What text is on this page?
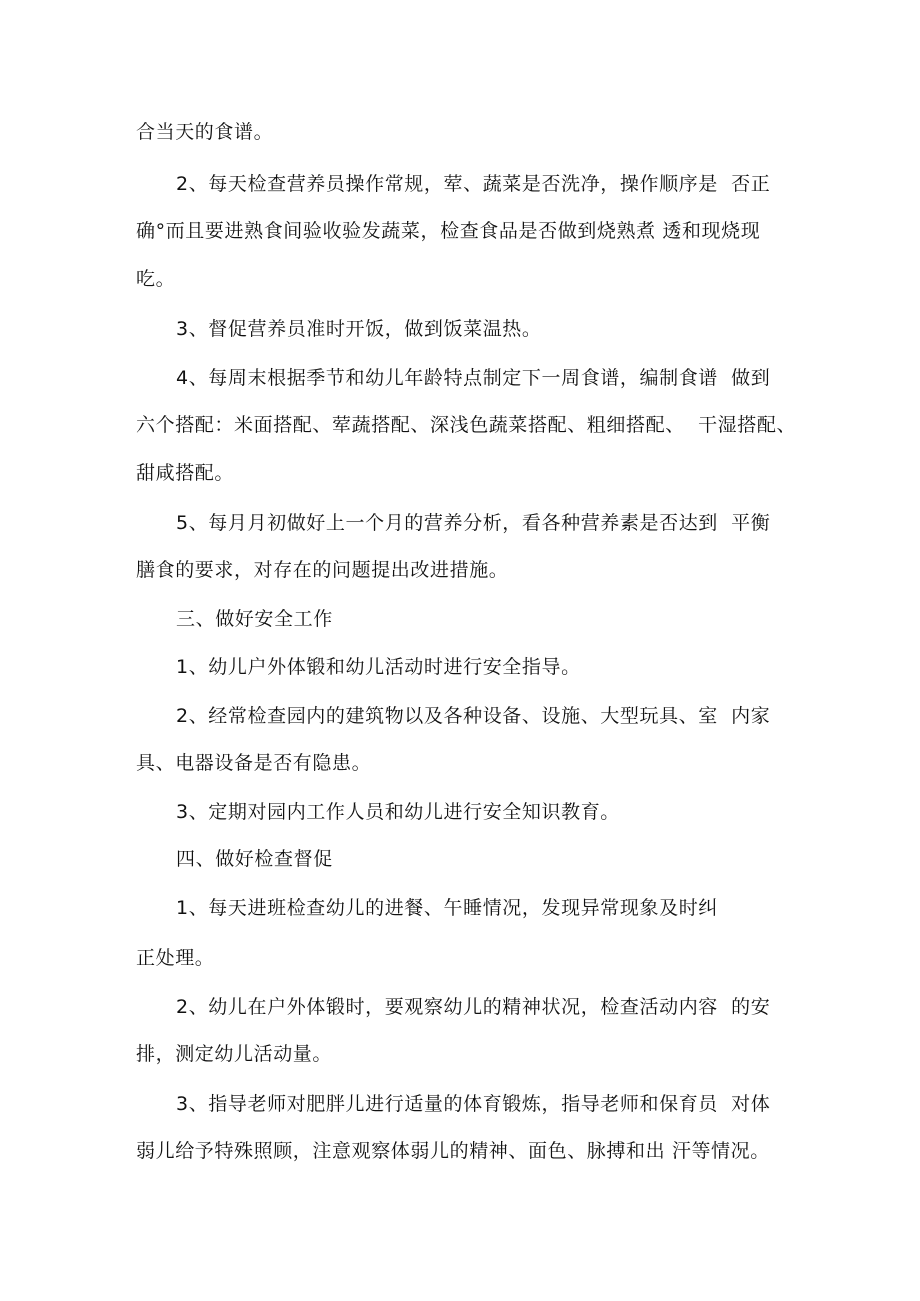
合当天的食谱。
2、每天检查营养员操作常规，荤、蔬菜是否洗净，操作顺序是  否正
确°而且要进熟食间验收验发蔬菜，检查食品是否做到烧熟煮 透和现烧现
吃。
3、督促营养员准时开饭，做到饭菜温热。
4、每周末根据季节和幼儿年龄特点制定下一周食谱，编制食谱  做到
六个搭配：米面搭配、荤蔬搭配、深浅色蔬菜搭配、粗细搭配、  干湿搭配、
甜咸搭配。
5、每月月初做好上一个月的营养分析，看各种营养素是否达到  平衡
膳食的要求，对存在的问题提出改进措施。
三、做好安全工作
1、幼儿户外体锻和幼儿活动时进行安全指导。
2、经常检查园内的建筑物以及各种设备、设施、大型玩具、室  内家
具、电器设备是否有隐患。
3、定期对园内工作人员和幼儿进行安全知识教育。
四、做好检查督促
1、每天进班检查幼儿的进餐、午睡情况，发现异常现象及时纠
正处理。
2、幼儿在户外体锻时，要观察幼儿的精神状况，检查活动内容  的安
排，测定幼儿活动量。
3、指导老师对肥胖儿进行适量的体育锻炼，指导老师和保育员  对体
弱儿给予特殊照顾，注意观察体弱儿的精神、面色、脉搏和出 汗等情况。
